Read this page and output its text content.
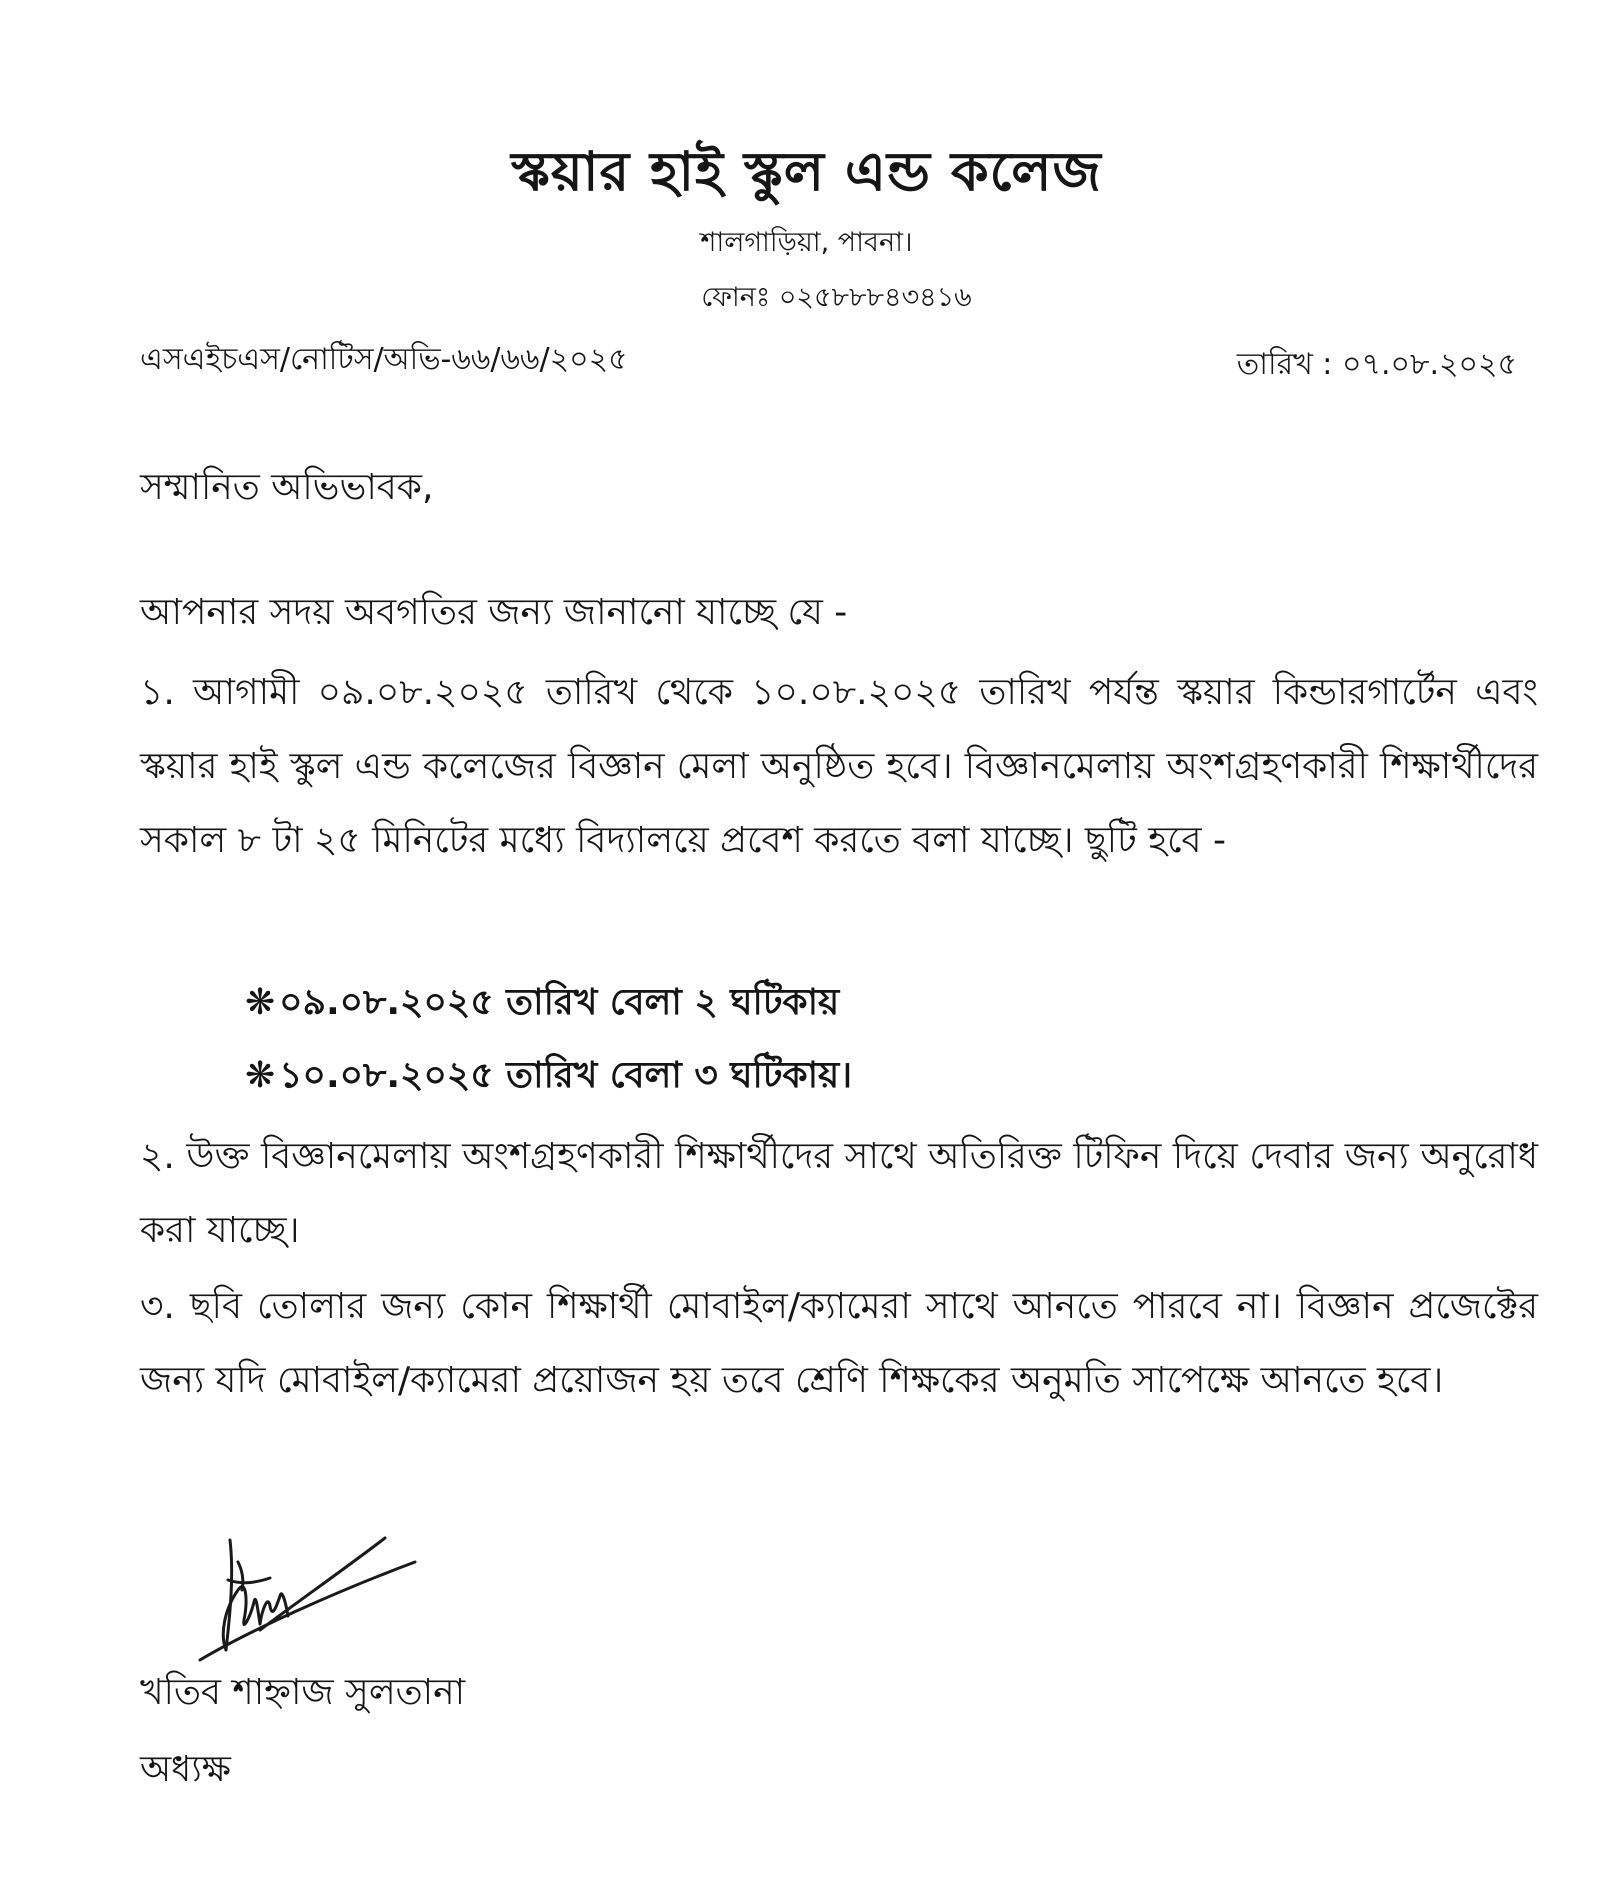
স্কয়ার হাই স্কুল এন্ড কলেজ
শালগাড়িয়া, পাবনা।
ফোনঃ ০২৫৮৮৮৪৩৪১৬
এসএইচএস/নোটিস/অভি-৬৬/৬৬/২০২৫	তারিখ : ০৭.০৮.২০২৫
সম্মানিত অভিভাবক,
আপনার সদয় অবগতির জন্য জানানো যাচ্ছে যে -
১. আগামী ০৯.০৮.২০২৫ তারিখ থেকে ১০.০৮.২০২৫ তারিখ পর্যন্ত স্কয়ার কিন্ডারগার্টেন এবং স্কয়ার হাই স্কুল এন্ড কলেজের বিজ্ঞান মেলা অনুষ্ঠিত হবে। বিজ্ঞানমেলায় অংশগ্রহণকারী শিক্ষার্থীদের সকাল ৮ টা ২৫ মিনিটের মধ্যে বিদ্যালয়ে প্রবেশ করতে বলা যাচ্ছে। ছুটি হবে -
❋ ০৯.০৮.২০২৫ তারিখ বেলা ২ ঘটিকায়
❋ ১০.০৮.২০২৫ তারিখ বেলা ৩ ঘটিকায়।
২. উক্ত বিজ্ঞানমেলায় অংশগ্রহণকারী শিক্ষার্থীদের সাথে অতিরিক্ত টিফিন দিয়ে দেবার জন্য অনুরোধ করা যাচ্ছে।
৩. ছবি তোলার জন্য কোন শিক্ষার্থী মোবাইল/ক্যামেরা সাথে আনতে পারবে না। বিজ্ঞান প্রজেক্টের জন্য যদি মোবাইল/ক্যামেরা প্রয়োজন হয় তবে শ্রেণি শিক্ষকের অনুমতি সাপেক্ষে আনতে হবে।
খতিব শাহ্নাজ সুলতানা
অধ্যক্ষ
